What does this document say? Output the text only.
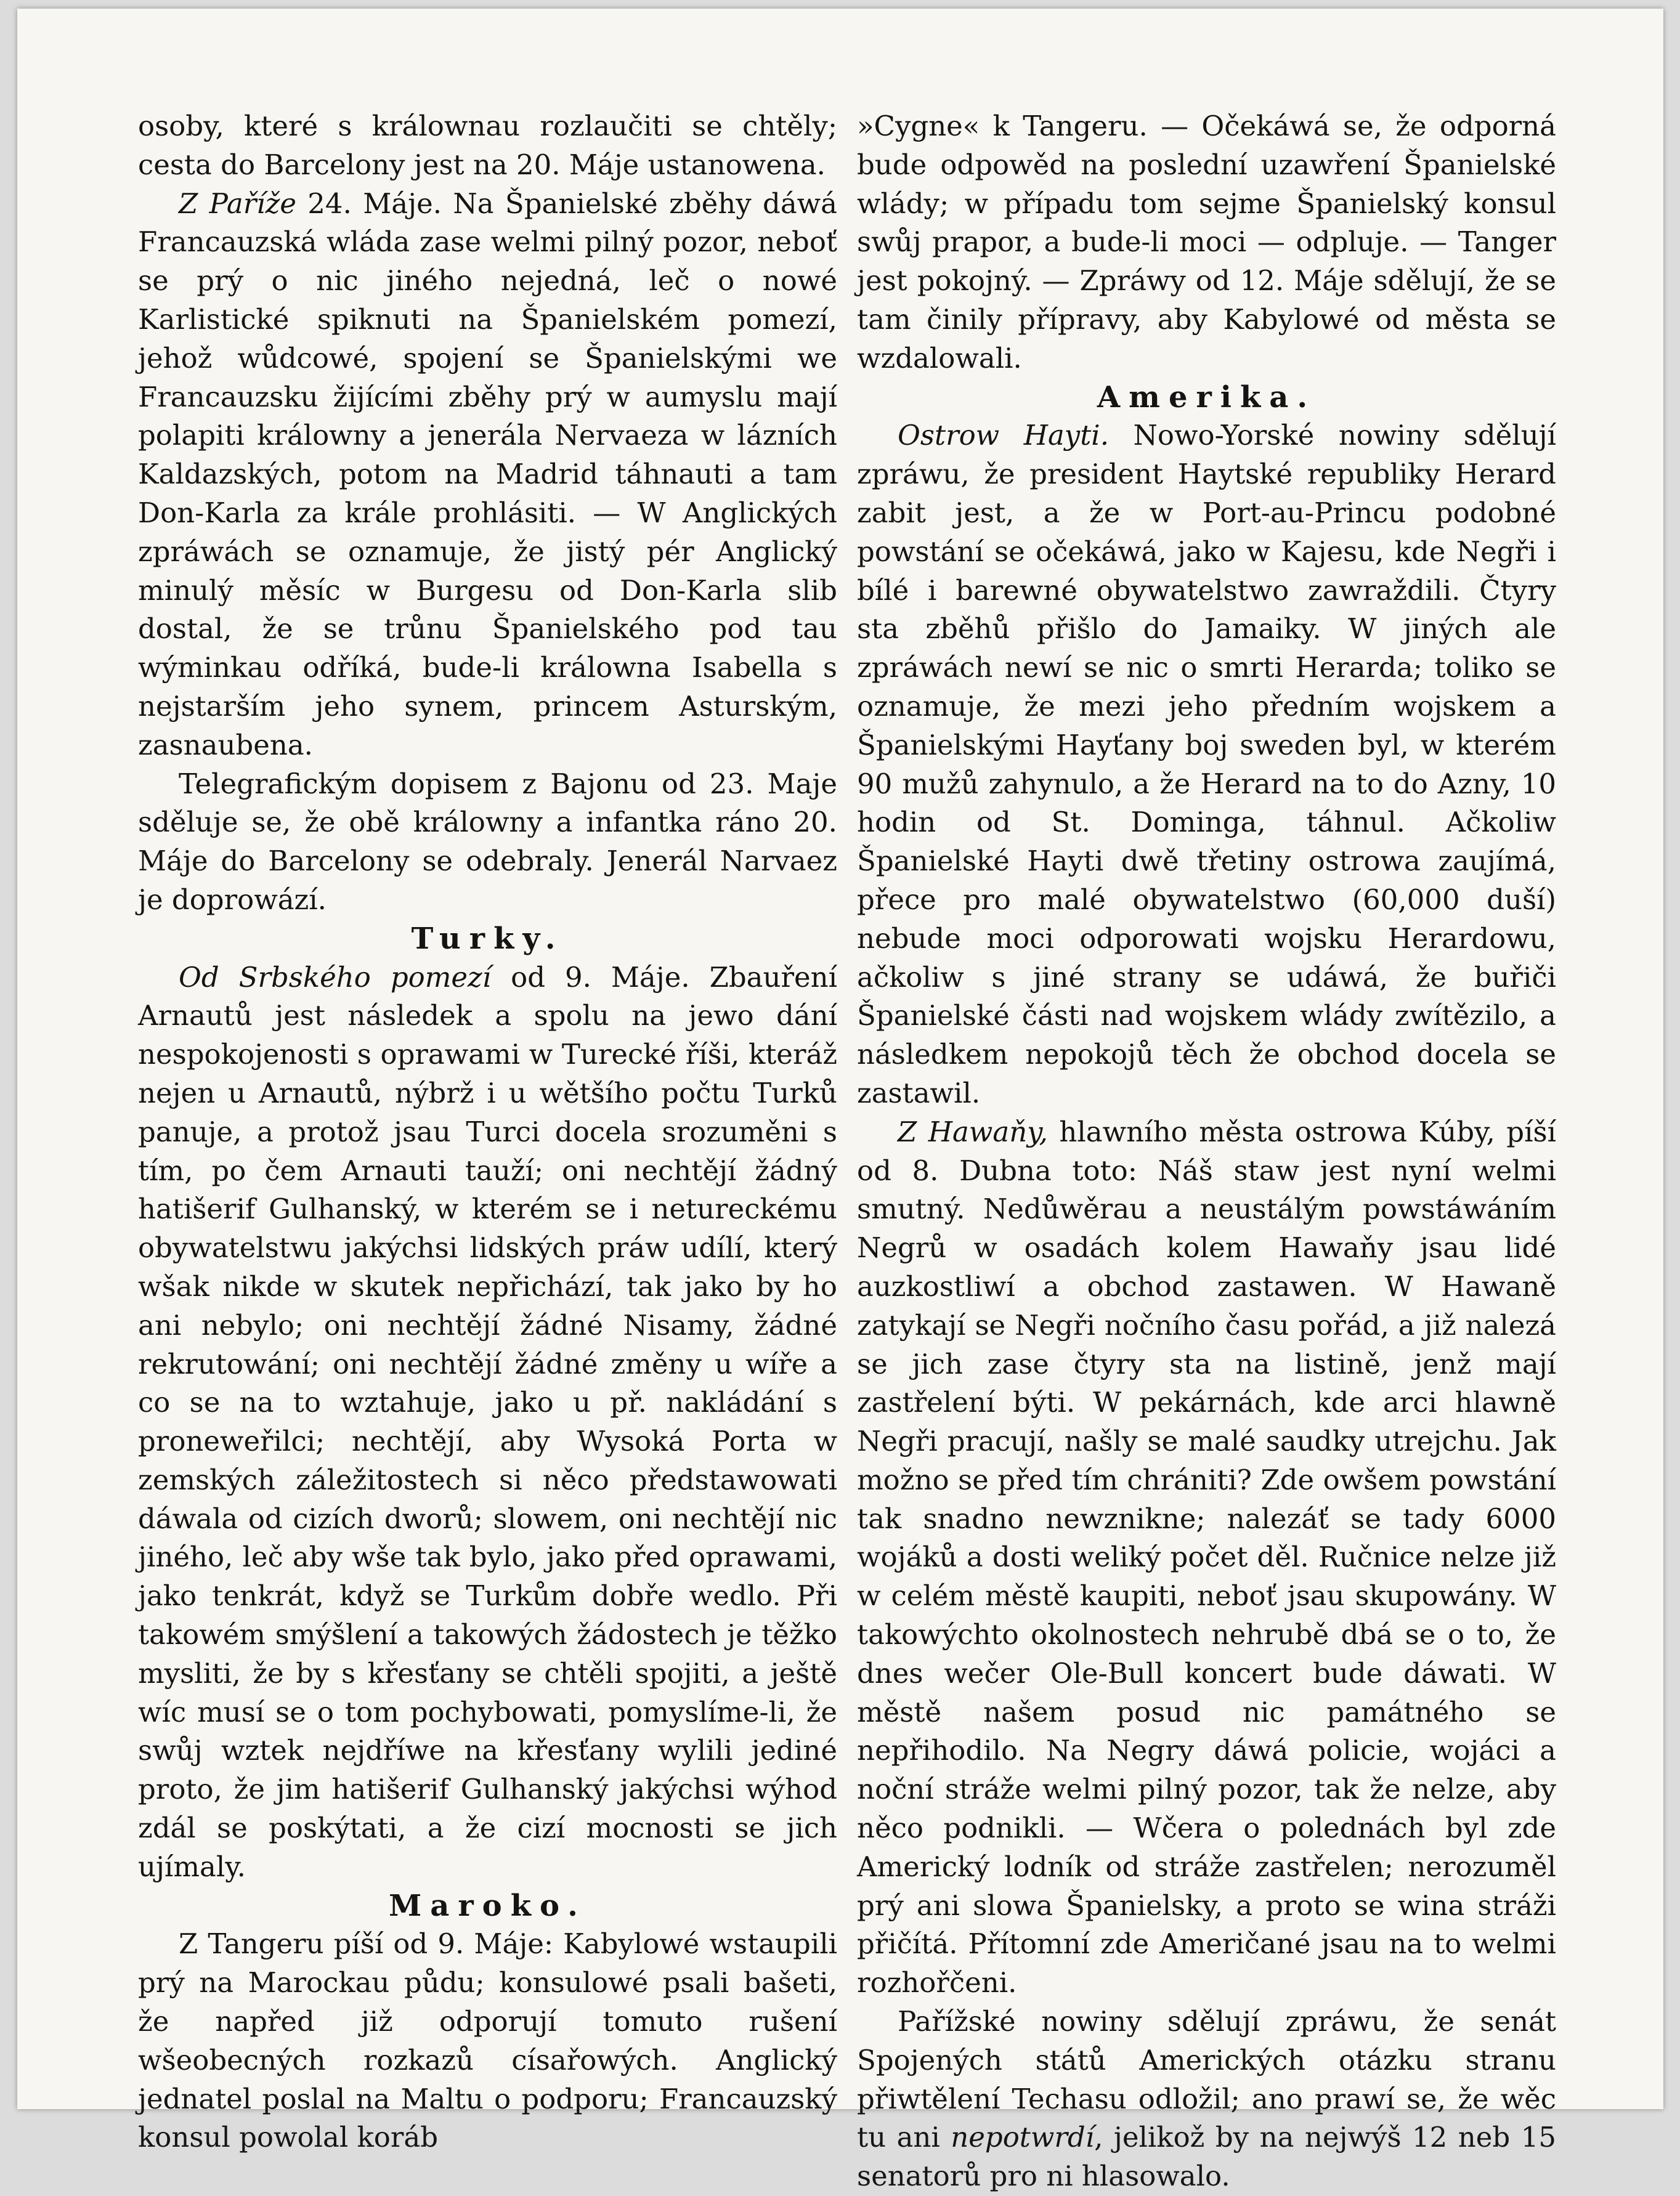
osoby, které s králownau rozlaučiti se chtěly; cesta do Barcelony jest na 20. Máje ustanowena.

Z Paříže 24. Máje. Na Španielské zběhy dáwá Francauzská wláda zase welmi pilný pozor, neboť se prý o nic jiného nejedná, leč o nowé Karlistické spiknuti na Španielském pomezí, jehož wůdcowé, spojení se Španielskými we Francauzsku žijícími zběhy prý w aumyslu mají polapiti králowny a jenerála Nervaeza w lázních Kaldazských, potom na Madrid táhnauti a tam Don-Karla za krále prohlásiti. — W Anglických zpráwách se oznamuje, že jistý pér Anglický minulý měsíc w Burgesu od Don-Karla slib dostal, že se trůnu Španielského pod tau wýminkau odříká, bude-li králowna Isabella s nejstarším jeho synem, princem Asturským, zasnaubena.

Telegrafickým dopisem z Bajonu od 23. Maje sděluje se, že obě králowny a infantka ráno 20. Máje do Barcelony se odebraly. Jenerál Narvaez je doprowází.

Turky.

Od Srbského pomezí od 9. Máje. Zbauření Arnautů jest následek a spolu na jewo dání nespokojenosti s oprawami w Turecké říši, kteráž nejen u Arnautů, nýbrž i u wětšího počtu Turků panuje, a protož jsau Turci docela srozuměni s tím, po čem Arnauti tauží; oni nechtějí žádný hatišerif Gulhanský, w kterém se i netureckému obywatelstwu jakýchsi lidských práw udílí, který wšak nikde w skutek nepřichází, tak jako by ho ani nebylo; oni nechtějí žádné Nisamy, žádné rekrutowání; oni nechtějí žádné změny u wíře a co se na to wztahuje, jako u př. nakládání s proneweřilci; nechtějí, aby Wysoká Porta w zemských záležitostech si něco předstawowati dáwala od cizích dworů; slowem, oni nechtějí nic jiného, leč aby wše tak bylo, jako před oprawami, jako tenkrát, když se Turkům dobře wedlo. Při takowém smýšlení a takowých žádostech je těžko mysliti, že by s křesťany se chtěli spojiti, a ještě wíc musí se o tom pochybowati, pomyslíme-li, že swůj wztek nejdříwe na křesťany wylili jediné proto, že jim hatišerif Gulhanský jakýchsi wýhod zdál se poskýtati, a že cizí mocnosti se jich ujímaly.

Maroko.

Z Tangeru píší od 9. Máje: Kabylowé wstaupili prý na Marockau půdu; konsulowé psali bašeti, že napřed již odporují tomuto rušení wšeobecných rozkazů císařowých. Anglický jednatel poslal na Maltu o podporu; Francauzský konsul powolal koráb

»Cygne« k Tangeru. — Očekáwá se, že odporná bude odpowěd na poslední uzawření Španielské wlády; w případu tom sejme Španielský konsul swůj prapor, a bude-li moci — odpluje. — Tanger jest pokojný. — Zpráwy od 12. Máje sdělují, že se tam činily přípravy, aby Kabylowé od města se wzdalowali.

Amerika.

Ostrow Hayti. Nowo-Yorské nowiny sdělují zpráwu, že president Haytské republiky Herard zabit jest, a že w Port-au-Princu podobné powstání se očekáwá, jako w Kajesu, kde Negři i bílé i barewné obywatelstwo zawraždili. Čtyry sta zběhů přišlo do Jamaiky. W jiných ale zpráwách newí se nic o smrti Herarda; toliko se oznamuje, že mezi jeho předním wojskem a Španielskými Hayťany boj sweden byl, w kterém 90 mužů zahynulo, a že Herard na to do Azny, 10 hodin od St. Dominga, táhnul. Ačkoliw Španielské Hayti dwě třetiny ostrowa zaujímá, přece pro malé obywatelstwo (60,000 duší) nebude moci odporowati wojsku Herardowu, ačkoliw s jiné strany se udáwá, že buřiči Španielské části nad wojskem wlády zwítězilo, a následkem nepokojů těch že obchod docela se zastawil.

Z Hawaňy, hlawního města ostrowa Kúby, píší od 8. Dubna toto: Náš staw jest nyní welmi smutný. Nedůwěrau a neustálým powstáwáním Negrů w osadách kolem Hawaňy jsau lidé auzkostliwí a obchod zastawen. W Hawaně zatykají se Negři nočního času pořád, a již nalezá se jich zase čtyry sta na listině, jenž mají zastřelení býti. W pekárnách, kde arci hlawně Negři pracují, našly se malé saudky utrejchu. Jak možno se před tím chrániti? Zde owšem powstání tak snadno newznikne; nalezáť se tady 6000 wojáků a dosti weliký počet děl. Ručnice nelze již w celém městě kaupiti, neboť jsau skupowány. W takowýchto okolnostech nehrubě dbá se o to, že dnes wečer Ole-Bull koncert bude dáwati. W městě našem posud nic památného se nepřihodilo. Na Negry dáwá policie, wojáci a noční stráže welmi pilný pozor, tak že nelze, aby něco podnikli. — Wčera o polednách byl zde Americký lodník od stráže zastřelen; nerozuměl prý ani slowa Španielsky, a proto se wina stráži přičítá. Přítomní zde Američané jsau na to welmi rozhořčeni.

Pařížské nowiny sdělují zpráwu, že senát Spojených států Amerických otázku stranu přiwtělení Techasu odložil; ano prawí se, že wěc tu ani nepotwrdí, jelikož by na nejwýš 12 neb 15 senatorů pro ni hlasowalo.
